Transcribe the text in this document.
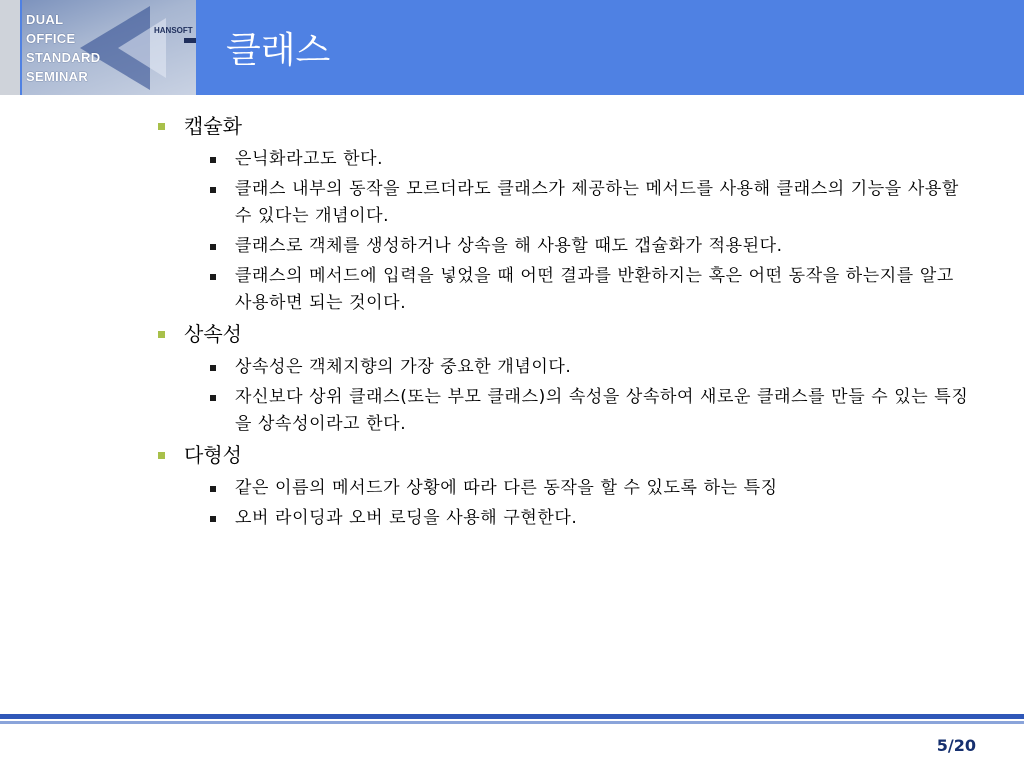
DUAL
OFFICE
STANDARD
SEMINAR
HANSOFT 클래스
캡슐화
은닉화라고도 한다.
클래스 내부의 동작을 모르더라도 클래스가 제공하는 메서드를 사용해 클래스의 기능을 사용할 수 있다는 개념이다.
클래스로 객체를 생성하거나 상속을 해 사용할 때도 갭슐화가 적용된다.
클래스의 메서드에 입력을 넣었을 때 어떤 결과를 반환하지는 혹은 어떤 동작을 하는지를 알고 사용하면 되는 것이다.
상속성
상속성은 객체지향의 가장 중요한 개념이다.
자신보다 상위 클래스(또는 부모 클래스)의 속성을 상속하여 새로운 클래스를 만들 수 있는 특징을 상속성이라고 한다.
다형성
같은 이름의 메서드가 상황에 따라 다른 동작을 할 수 있도록 하는 특징
오버 라이딩과 오버 로딩을 사용해 구현한다.
5/20
